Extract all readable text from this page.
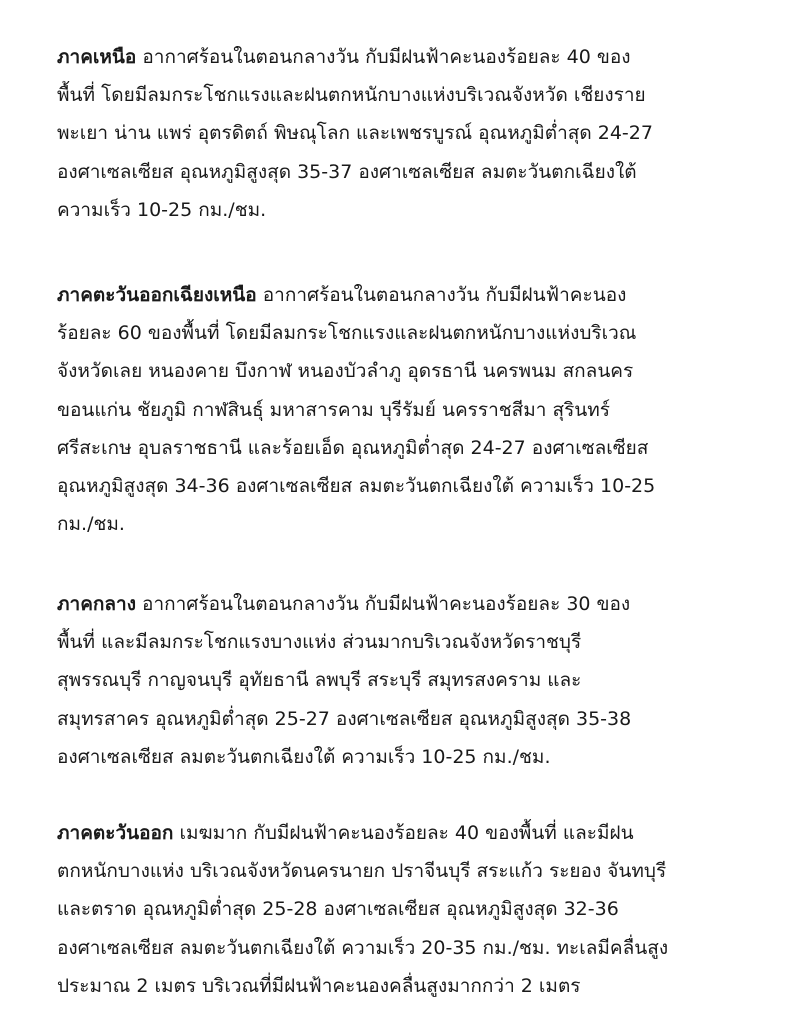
ภาคเหนือ อากาศร้อนในตอนกลางวัน กับมีฝนฟ้าคะนองร้อยละ 40 ของ
พื้นที่ โดยมีลมกระโชกแรงและฝนตกหนักบางแห่งบริเวณจังหวัด เชียงราย
พะเยา น่าน แพร่ อุตรดิตถ์ พิษณุโลก และเพชรบูรณ์ อุณหภูมิต่ำสุด 24-27
องศาเซลเซียส อุณหภูมิสูงสุด 35-37 องศาเซลเซียส ลมตะวันตกเฉียงใต้
ความเร็ว 10-25 กม./ชม.

ภาคตะวันออกเฉียงเหนือ อากาศร้อนในตอนกลางวัน กับมีฝนฟ้าคะนอง
ร้อยละ 60 ของพื้นที่ โดยมีลมกระโชกแรงและฝนตกหนักบางแห่งบริเวณ
จังหวัดเลย หนองคาย บึงกาฬ หนองบัวลำภู อุดรธานี นครพนม สกลนคร
ขอนแก่น ชัยภูมิ กาฬสินธุ์ มหาสารคาม บุรีรัมย์ นครราชสีมา สุรินทร์
ศรีสะเกษ อุบลราชธานี และร้อยเอ็ด อุณหภูมิต่ำสุด 24-27 องศาเซลเซียส
อุณหภูมิสูงสุด 34-36 องศาเซลเซียส ลมตะวันตกเฉียงใต้ ความเร็ว 10-25
กม./ชม.

ภาคกลาง อากาศร้อนในตอนกลางวัน กับมีฝนฟ้าคะนองร้อยละ 30 ของ
พื้นที่ และมีลมกระโชกแรงบางแห่ง ส่วนมากบริเวณจังหวัดราชบุรี
สุพรรณบุรี กาญจนบุรี อุทัยธานี ลพบุรี สระบุรี สมุทรสงคราม และ
สมุทรสาคร อุณหภูมิต่ำสุด 25-27 องศาเซลเซียส อุณหภูมิสูงสุด 35-38
องศาเซลเซียส ลมตะวันตกเฉียงใต้ ความเร็ว 10-25 กม./ชม.

ภาคตะวันออก เมฆมาก กับมีฝนฟ้าคะนองร้อยละ 40 ของพื้นที่ และมีฝน
ตกหนักบางแห่ง บริเวณจังหวัดนครนายก ปราจีนบุรี สระแก้ว ระยอง จันทบุรี
และตราด อุณหภูมิต่ำสุด 25-28 องศาเซลเซียส อุณหภูมิสูงสุด 32-36
องศาเซลเซียส ลมตะวันตกเฉียงใต้ ความเร็ว 20-35 กม./ชม. ทะเลมีคลื่นสูง
ประมาณ 2 เมตร บริเวณที่มีฝนฟ้าคะนองคลื่นสูงมากกว่า 2 เมตร
